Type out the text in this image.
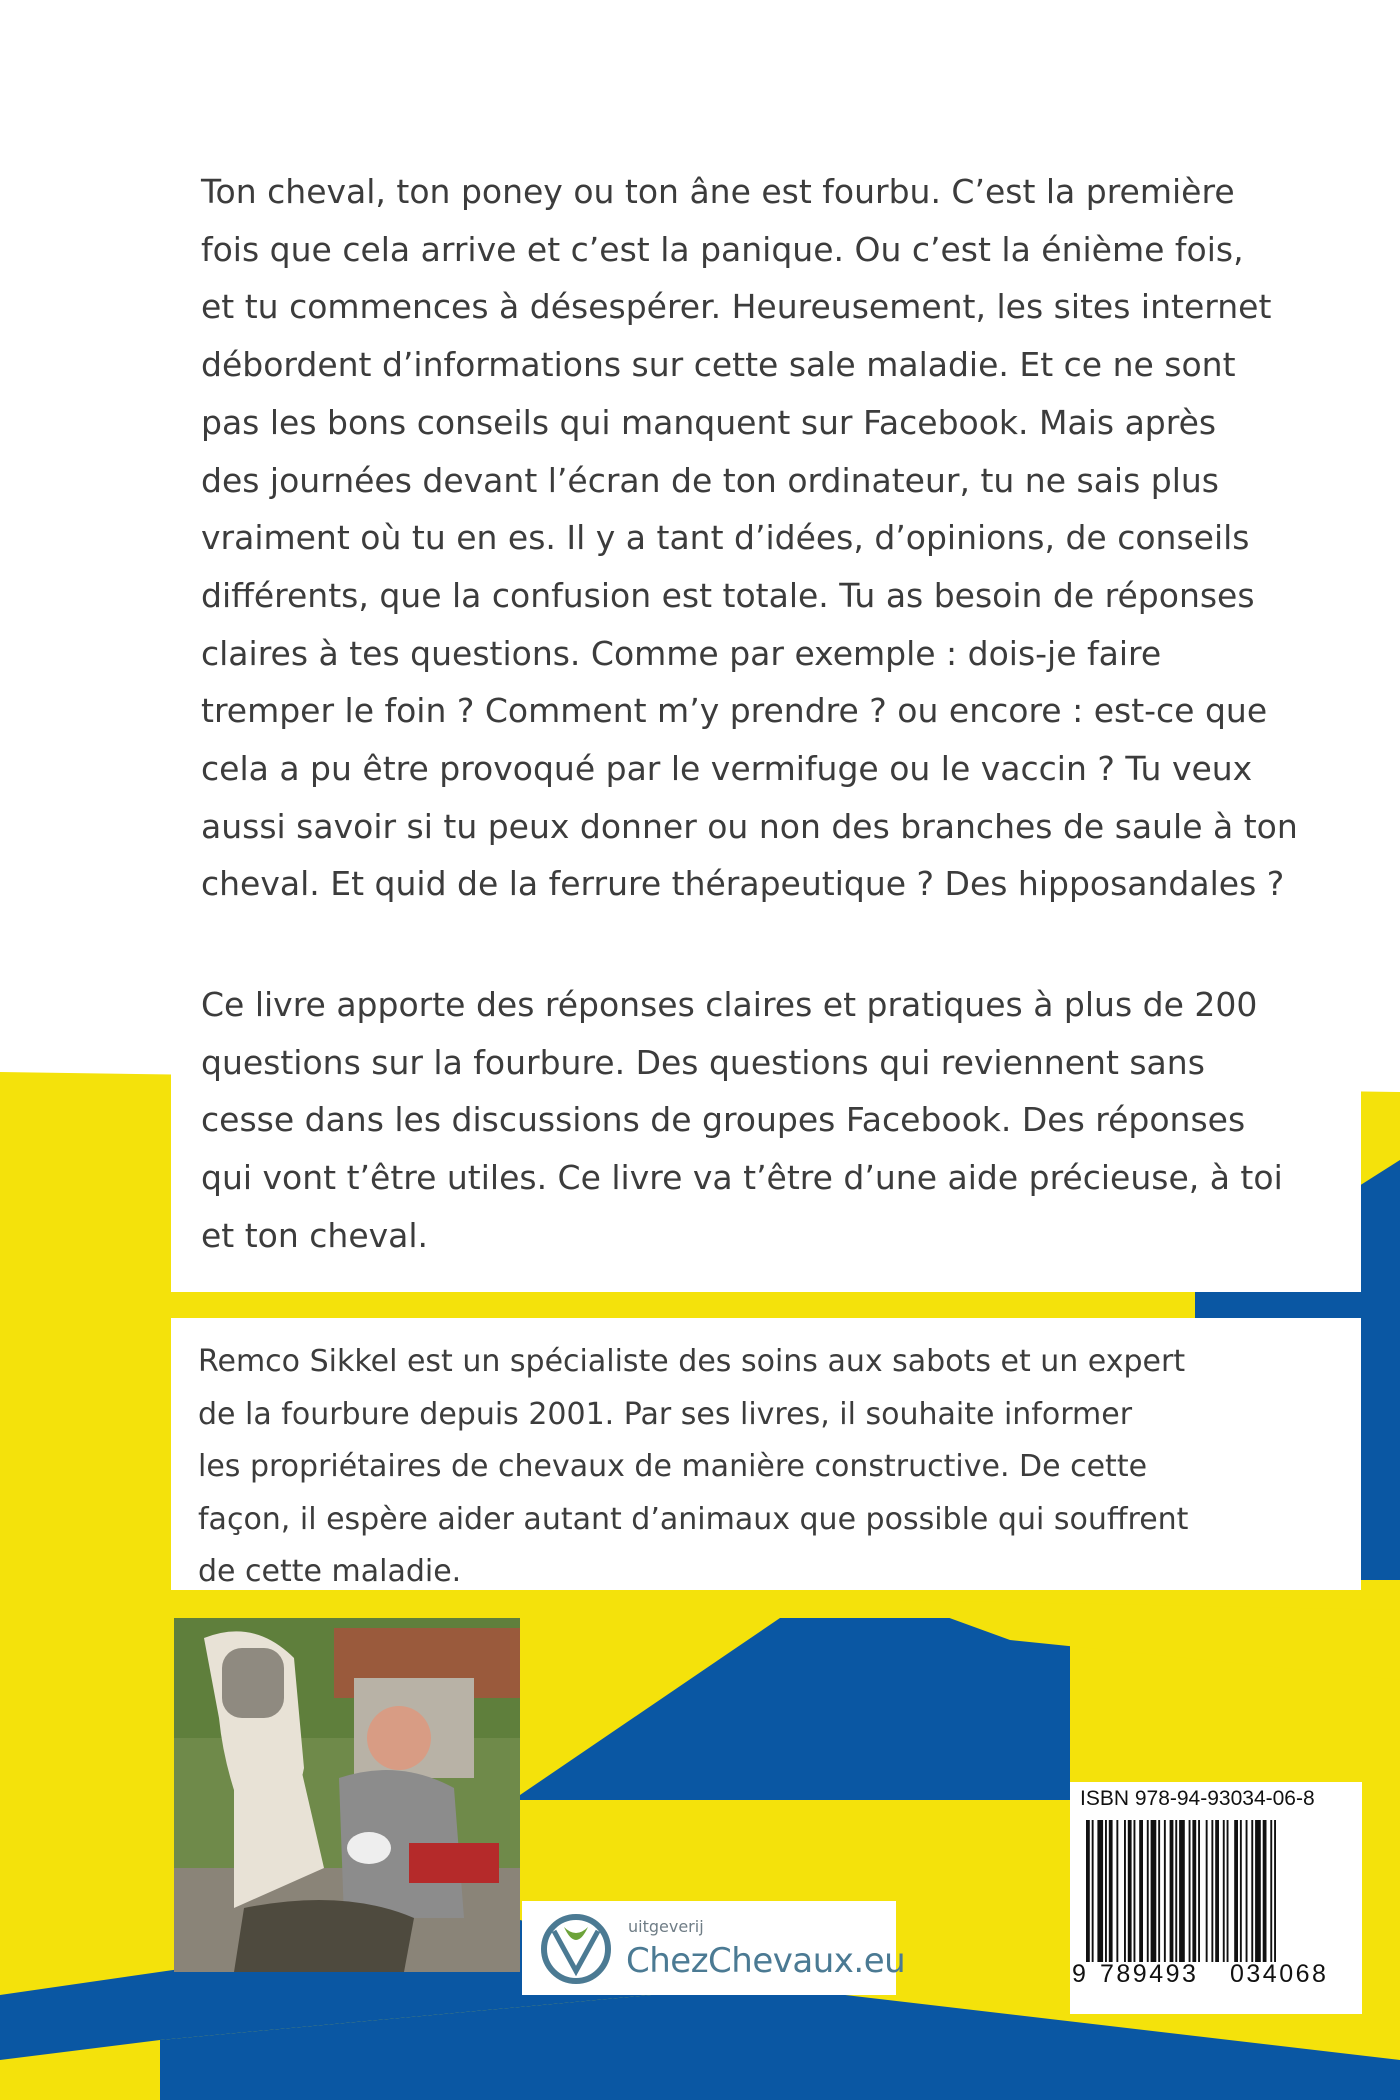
Ton cheval, ton poney ou ton âne est fourbu. C’est la première
fois que cela arrive et c’est la panique. Ou c’est la énième fois,
et tu commences à désespérer. Heureusement, les sites internet
débordent d’informations sur cette sale maladie. Et ce ne sont
pas les bons conseils qui manquent sur Facebook. Mais après
des journées devant l’écran de ton ordinateur, tu ne sais plus
vraiment où tu en es. Il y a tant d’idées, d’opinions, de conseils
différents, que la confusion est totale. Tu as besoin de réponses
claires à tes questions. Comme par exemple : dois-je faire
tremper le foin ? Comment m’y prendre ? ou encore : est-ce que
cela a pu être provoqué par le vermifuge ou le vaccin ? Tu veux
aussi savoir si tu peux donner ou non des branches de saule à ton
cheval. Et quid de la ferrure thérapeutique ? Des hipposandales ?

Ce livre apporte des réponses claires et pratiques à plus de 200
questions sur la fourbure. Des questions qui reviennent sans
cesse dans les discussions de groupes Facebook. Des réponses
qui vont t’être utiles. Ce livre va t’être d’une aide précieuse, à toi
et ton cheval.

Remco Sikkel est un spécialiste des soins aux sabots et un expert
de la fourbure depuis 2001. Par ses livres, il souhaite informer
les propriétaires de chevaux de manière constructive. De cette
façon, il espère aider autant d’animaux que possible qui souffrent
de cette maladie.

uitgeverij
ChezChevaux.eu
ISBN 978-94-93034-06-8
9 789493 034068
